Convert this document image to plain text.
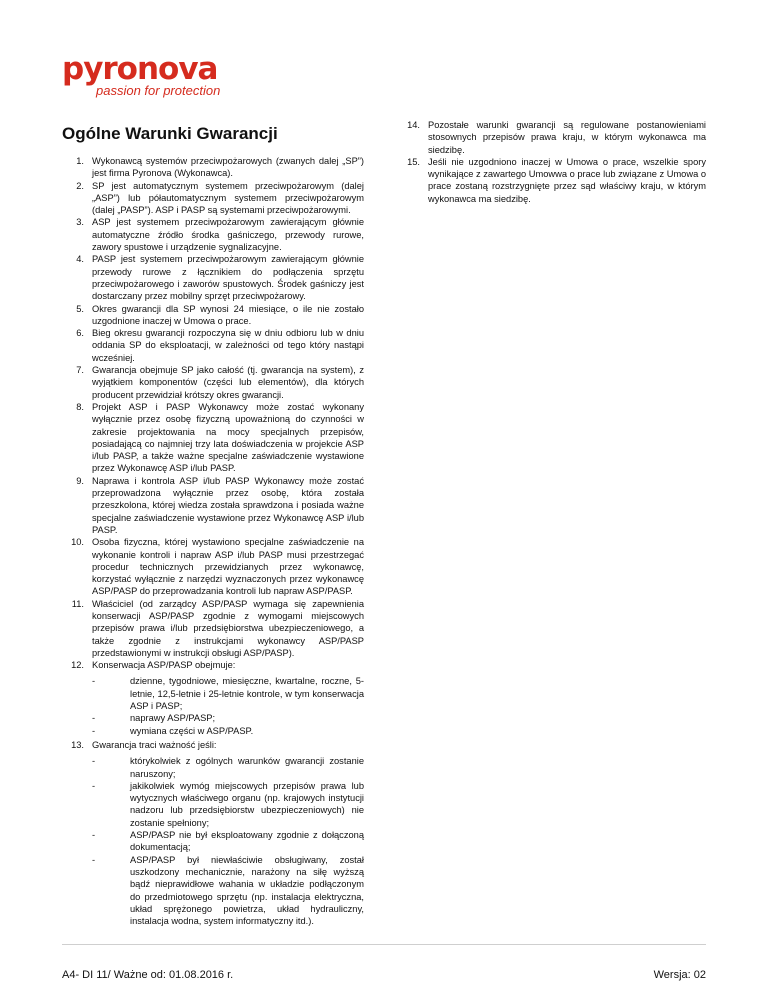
pyronova
passion for protection
Ogólne Warunki Gwarancji
1. Wykonawcą systemów przeciwpożarowych (zwanych dalej „SP”) jest firma Pyronova (Wykonawca).
2. SP jest automatycznym systemem przeciwpożarowym (dalej „ASP”) lub półautomatycznym systemem przeciwpożarowym (dalej „PASP”). ASP i PASP są systemami przeciwpożarowymi.
3. ASP jest systemem przeciwpożarowym zawierającym głównie automatyczne źródło środka gaśniczego, przewody rurowe, zawory spustowe i urządzenie sygnalizacyjne.
4. PASP jest systemem przeciwpożarowym zawierającym głównie przewody rurowe z łącznikiem do podłączenia sprzętu przeciwpożarowego i zaworów spustowych. Środek gaśniczy jest dostarczany przez mobilny sprzęt przeciwpożarowy.
5. Okres gwarancji dla SP wynosi 24 miesiące, o ile nie zostało uzgodnione inaczej w Umowa o prace.
6. Bieg okresu gwarancji rozpoczyna się w dniu odbioru lub w dniu oddania SP do eksploatacji, w zależności od tego który nastąpi wcześniej.
7. Gwarancja obejmuje SP jako całość (tj. gwarancja na system), z wyjątkiem komponentów (części lub elementów), dla których producent przewidział krótszy okres gwarancji.
8. Projekt ASP i PASP Wykonawcy może zostać wykonany wyłącznie przez osobę fizyczną upoważnioną do czynności w zakresie projektowania na mocy specjalnych przepisów, posiadającą co najmniej trzy lata doświadczenia w projekcie ASP i/lub PASP, a także ważne specjalne zaświadczenie wystawione przez Wykonawcę ASP i/lub PASP.
9. Naprawa i kontrola ASP i/lub PASP Wykonawcy może zostać przeprowadzona wyłącznie przez osobę, która została przeszkolona, której wiedza została sprawdzona i posiada ważne specjalne zaświadczenie wystawione przez Wykonawcę ASP i/lub PASP.
10. Osoba fizyczna, której wystawiono specjalne zaświadczenie na wykonanie kontroli i napraw ASP i/lub PASP musi przestrzegać procedur technicznych przewidzianych przez wykonawcę, korzystać wyłącznie z narzędzi wyznaczonych przez wykonawcę ASP/PASP do przeprowadzania kontroli lub napraw ASP/PASP.
11. Właściciel (od zarządcy ASP/PASP wymaga się zapewnienia konserwacji ASP/PASP zgodnie z wymogami miejscowych przepisów prawa i/lub przedsiębiorstwa ubezpieczeniowego, a także zgodnie z instrukcjami wykonawcy ASP/PASP przedstawionymi w instrukcji obsługi ASP/PASP).
12. Konserwacja ASP/PASP obejmuje:
-	dzienne, tygodniowe, miesięczne, kwartalne, roczne, 5-letnie, 12,5-letnie i 25-letnie kontrole, w tym konserwacja ASP i PASP;
-	naprawy ASP/PASP;
-	wymiana części w ASP/PASP.
13. Gwarancja traci ważność jeśli:
-	którykolwiek z ogólnych warunków gwarancji zostanie naruszony;
-	jakikolwiek wymóg miejscowych przepisów prawa lub wytycznych właściwego organu (np. krajowych instytucji nadzoru lub przedsiębiorstw ubezpieczeniowych) nie zostanie spełniony;
-	ASP/PASP nie był eksploatowany zgodnie z dołączoną dokumentacją;
-	ASP/PASP był niewłaściwie obsługiwany, został uszkodzony mechanicznie, narażony na siłę wyższą bądź nieprawidłowe wahania w układzie podłączonym do przedmiotowego sprzętu (np. instalacja elektryczna, układ sprężonego powietrza, układ hydrauliczny, instalacja wodna, system informatyczny itd.).
14. Pozostałe warunki gwarancji są regulowane postanowieniami stosownych przepisów prawa kraju, w którym wykonawca ma siedzibę.
15. Jeśli nie uzgodniono inaczej w Umowa o prace, wszelkie spory wynikające z zawartego Umowwa o prace lub związane z Umowa o prace zostaną rozstrzygnięte przez sąd właściwy kraju, w którym wykonawca ma siedzibę.
A4- DI 11/ Ważne od: 01.08.2016 r.	Wersja: 02
